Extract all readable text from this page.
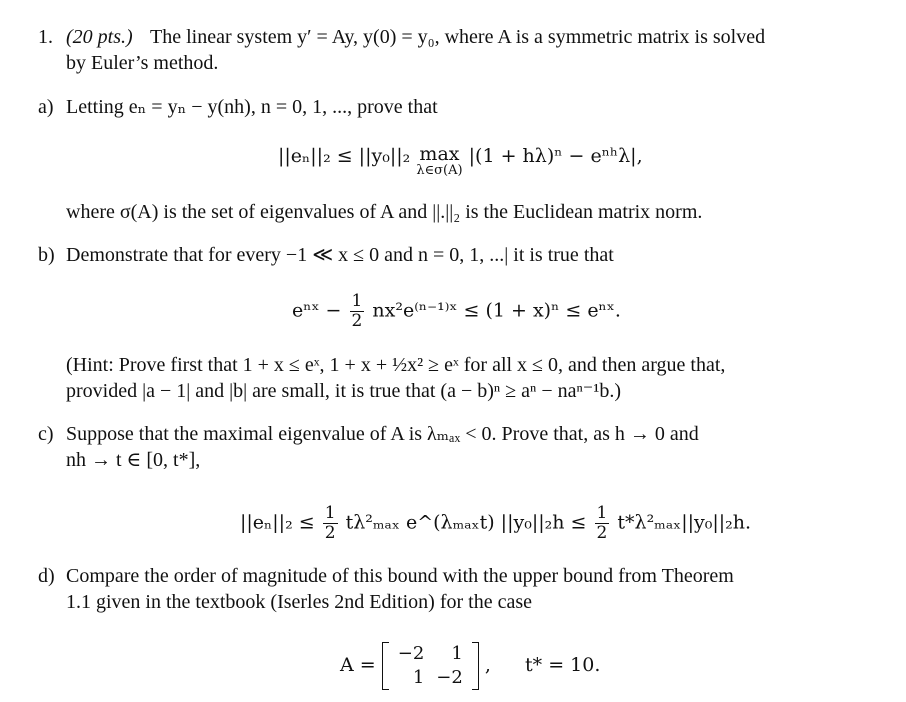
1. (20 pts.) The linear system y′ = Ay, y(0) = y₀, where A is a symmetric matrix is solved
by Euler’s method.
a) Letting eₙ = yₙ − y(nh), n = 0, 1, ..., prove that
||eₙ||₂ ≤ ||y₀||₂ max
λ∈σ(A)
|(1 + hλ)ⁿ − eⁿʰλ|,
where σ(A) is the set of eigenvalues of A and ||.||₂ is the Euclidean matrix norm.
b) Demonstrate that for every −1 ≪ x ≤ 0 and n = 0, 1, ...| it is true that
eⁿˣ − $\frac{1}{2}$ nx²e⁽ⁿ⁻¹⁾ˣ ≤ (1 + x)ⁿ ≤ eⁿˣ.
(Hint: Prove first that 1 + x ≤ eˣ, 1 + x + ½x² ≥ eˣ for all x ≤ 0, and then argue that,
provided |a − 1| and |b| are small, it is true that (a − b)ⁿ ≥ aⁿ − naⁿ⁻¹b.)
c) Suppose that the maximal eigenvalue of A is λₘₐₓ < 0. Prove that, as h → 0 and
nh → t ∈ [0, t*],
$||e_n||_2 \le \frac{1}{2} t\lambda^2_{max}$ e^(λₘₐₓt) $||y_0||_2h \le \frac{1}{2} t*\lambda^2_{max}||y_0||_2h$.
d) Compare the order of magnitude of this bound with the upper bound from Theorem
1.1 given in the textbook (Iserles 2nd Edition) for the case
A =
−2	1
1	−2
, t* = 10.
